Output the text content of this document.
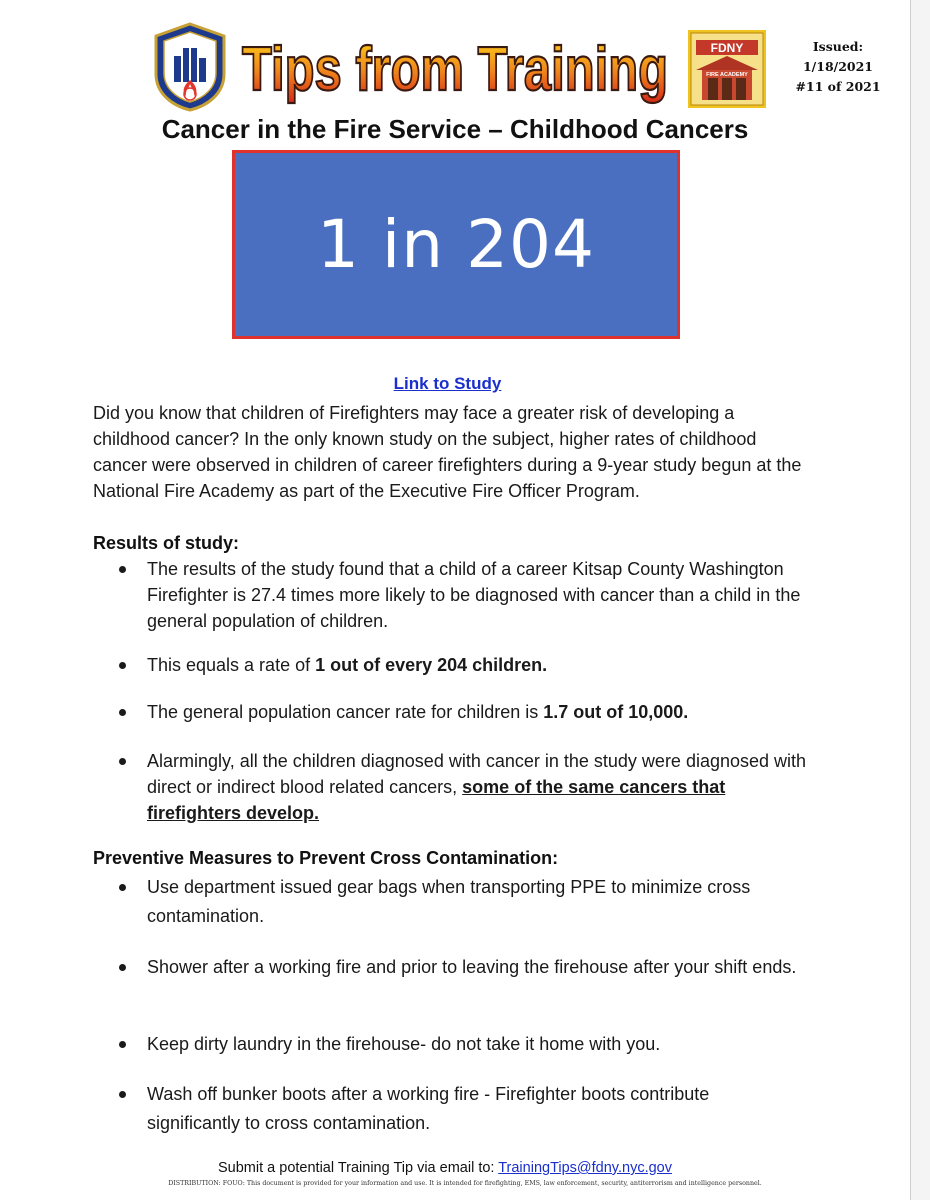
Tips from Training	FDNY
FIRE ACADEMY
Issued: 1/18/2021
#11 of 2021
Cancer in the Fire Service – Childhood Cancers
1 in 204
Link to Study
Did you know that children of Firefighters may face a greater risk of developing a childhood cancer? In the only known study on the subject, higher rates of childhood cancer were observed in children of career firefighters during a 9-year study begun at the National Fire Academy as part of the Executive Fire Officer Program.
Results of study:
The results of the study found that a child of a career Kitsap County Washington Firefighter is 27.4 times more likely to be diagnosed with cancer than a child in the general population of children.
This equals a rate of 1 out of every 204 children.
The general population cancer rate for children is 1.7 out of 10,000.
Alarmingly, all the children diagnosed with cancer in the study were diagnosed with direct or indirect blood related cancers, some of the same cancers that firefighters develop.
Preventive Measures to Prevent Cross Contamination:
Use department issued gear bags when transporting PPE to minimize cross contamination.
Shower after a working fire and prior to leaving the firehouse after your shift ends.
Keep dirty laundry in the firehouse- do not take it home with you.
Wash off bunker boots after a working fire - Firefighter boots contribute significantly to cross contamination.
Submit a potential Training Tip via email to: TrainingTips@fdny.nyc.gov
DISTRIBUTION: FOUO: This document is provided for your information and use. It is intended for firefighting, EMS, law enforcement, security, antiterrorism and intelligence personnel.
